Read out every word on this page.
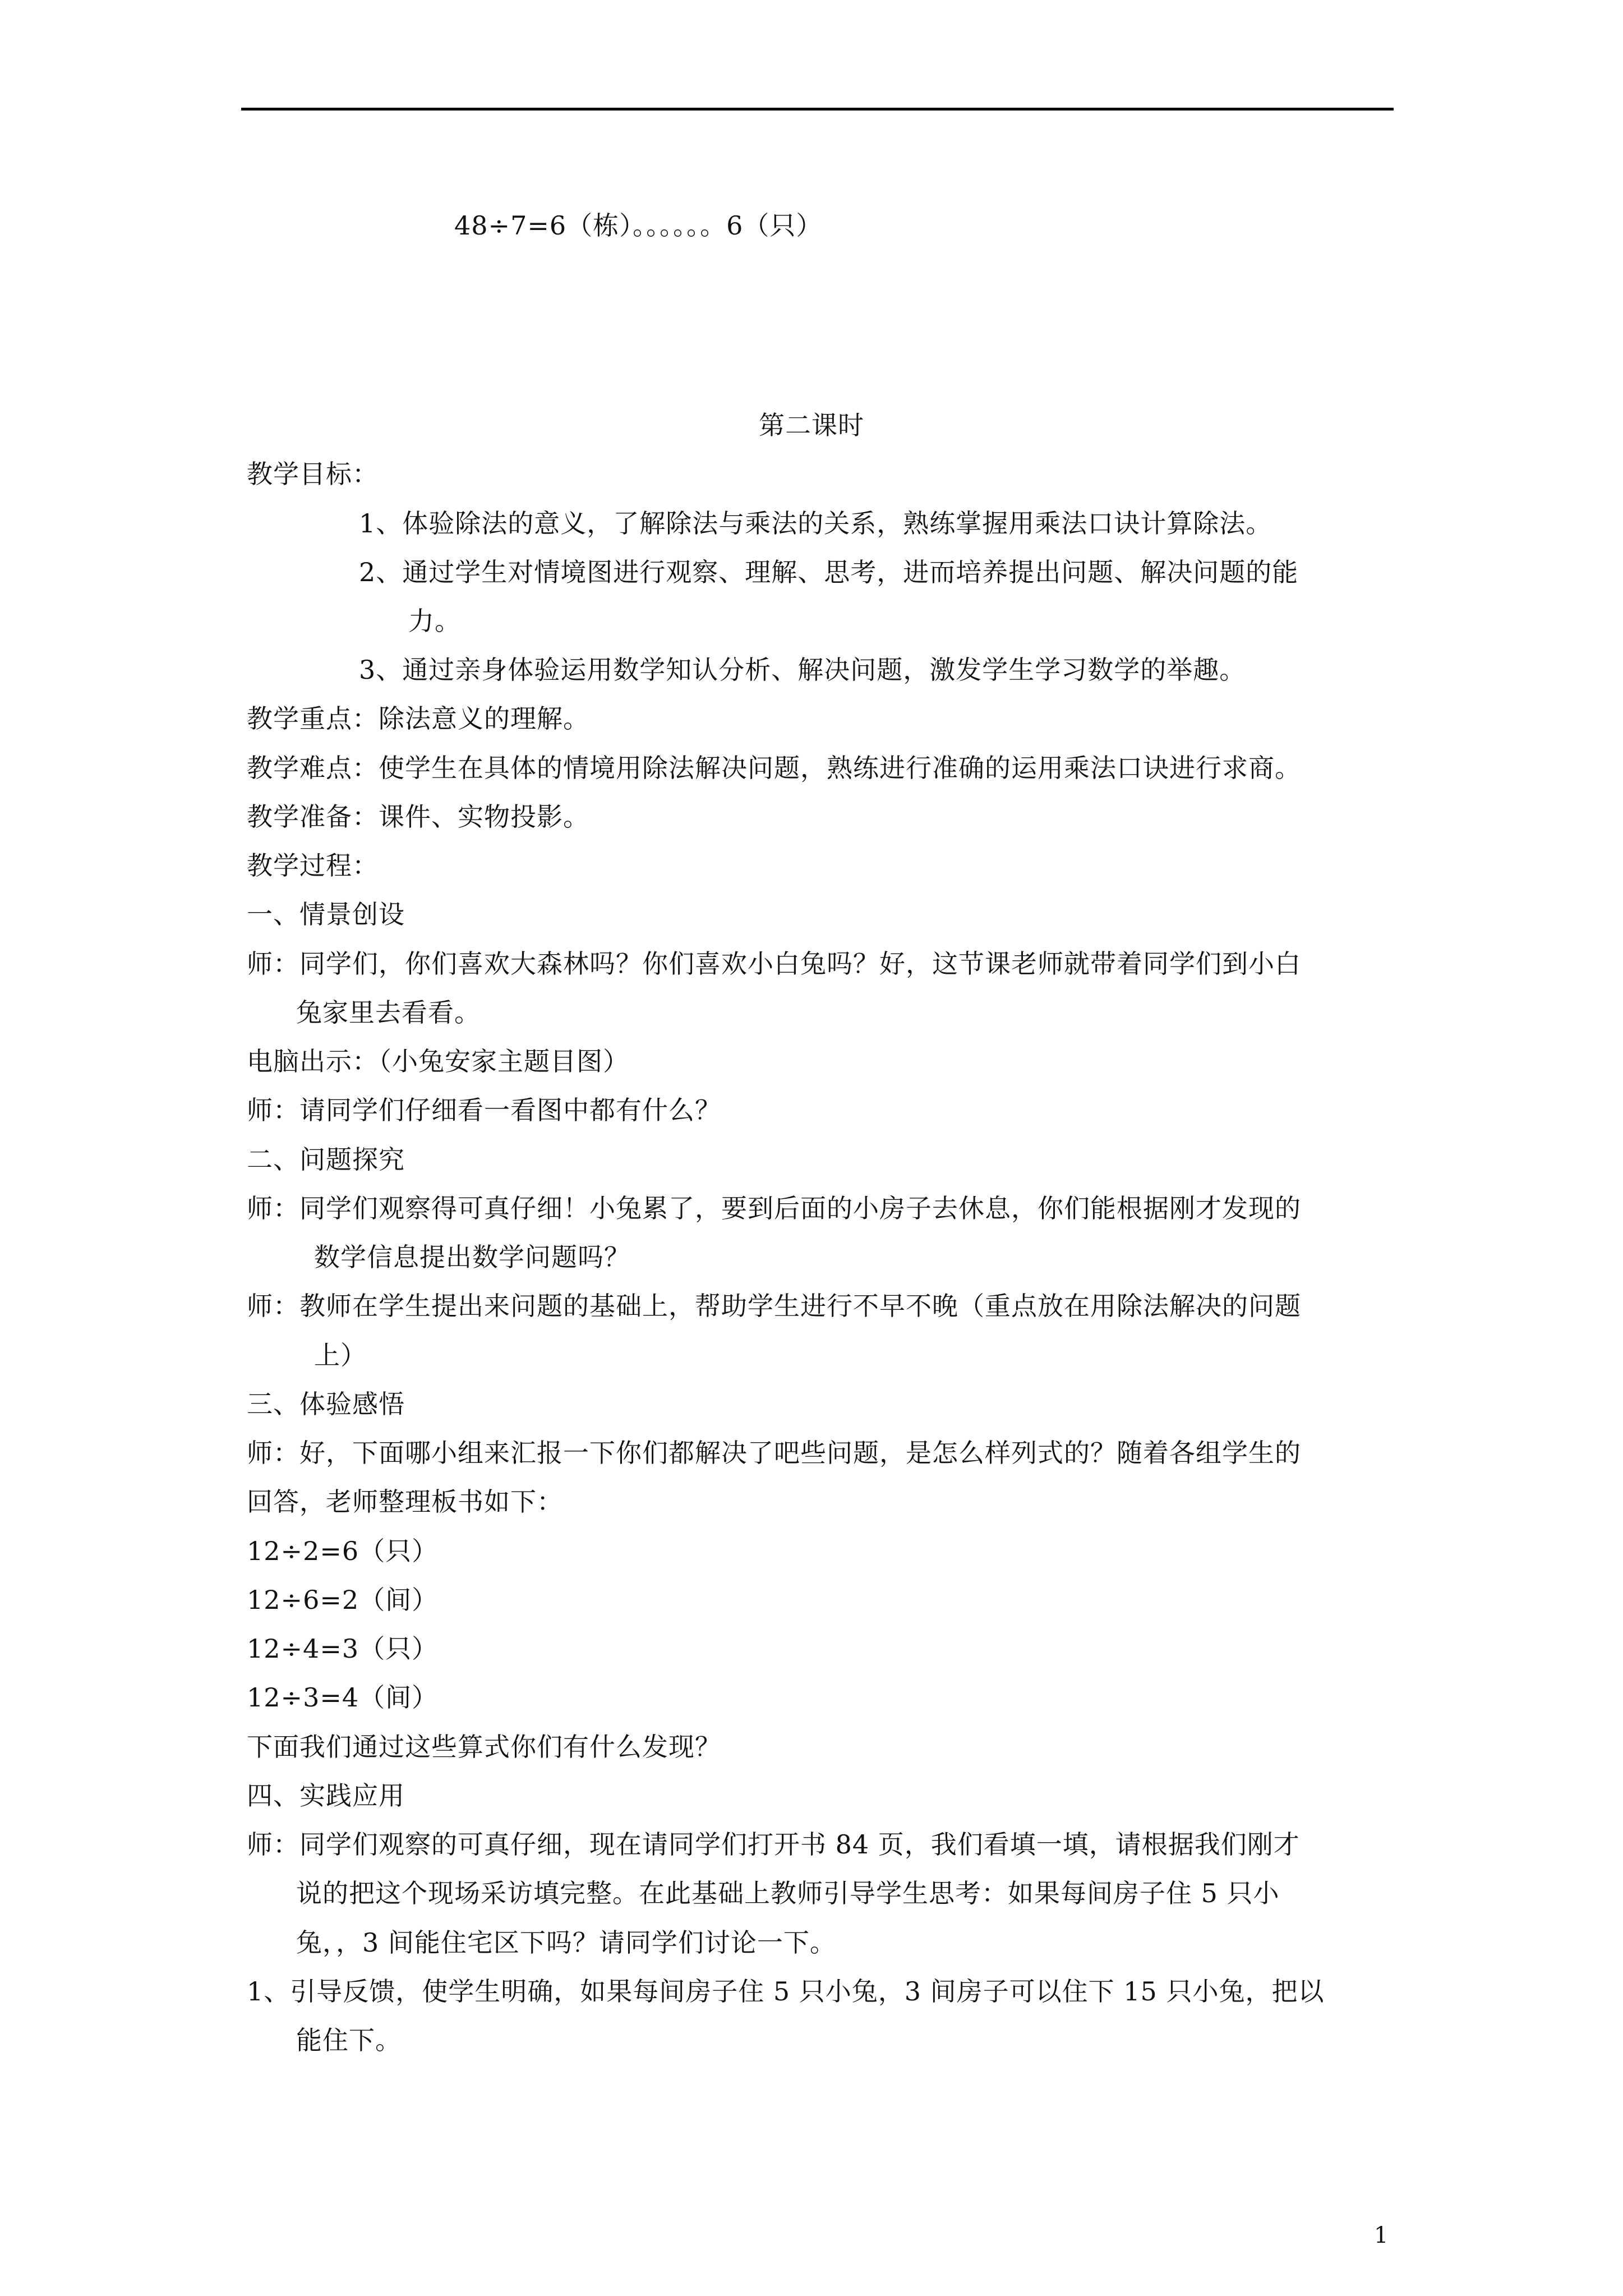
48÷7=6（栋）。。。。。。6（只）
第二课时
教学目标：
1、体验除法的意义，了解除法与乘法的关系，熟练掌握用乘法口诀计算除法。
2、通过学生对情境图进行观察、理解、思考，进而培养提出问题、解决问题的能
力。
3、通过亲身体验运用数学知认分析、解决问题，激发学生学习数学的举趣。
教学重点：除法意义的理解。
教学难点：使学生在具体的情境用除法解决问题，熟练进行准确的运用乘法口诀进行求商。
教学准备：课件、实物投影。
教学过程：
一、情景创设
师：同学们，你们喜欢大森林吗？你们喜欢小白兔吗？好，这节课老师就带着同学们到小白
兔家里去看看。
电脑出示：（小兔安家主题目图）
师：请同学们仔细看一看图中都有什么？
二、问题探究
师：同学们观察得可真仔细！小兔累了，要到后面的小房子去休息，你们能根据刚才发现的
数学信息提出数学问题吗？
师：教师在学生提出来问题的基础上，帮助学生进行不早不晚（重点放在用除法解决的问题
上）
三、体验感悟
师：好，下面哪小组来汇报一下你们都解决了吧些问题，是怎么样列式的？随着各组学生的
回答，老师整理板书如下：
12÷2=6（只）
12÷6=2（间）
12÷4=3（只）
12÷3=4（间）
下面我们通过这些算式你们有什么发现？
四、实践应用
师：同学们观察的可真仔细，现在请同学们打开书 84 页，我们看填一填，请根据我们刚才
说的把这个现场采访填完整。在此基础上教师引导学生思考：如果每间房子住 5 只小
兔，，3 间能住宅区下吗？请同学们讨论一下。
1、引导反馈，使学生明确，如果每间房子住 5 只小兔，3 间房子可以住下 15 只小兔，把以
能住下。
1
